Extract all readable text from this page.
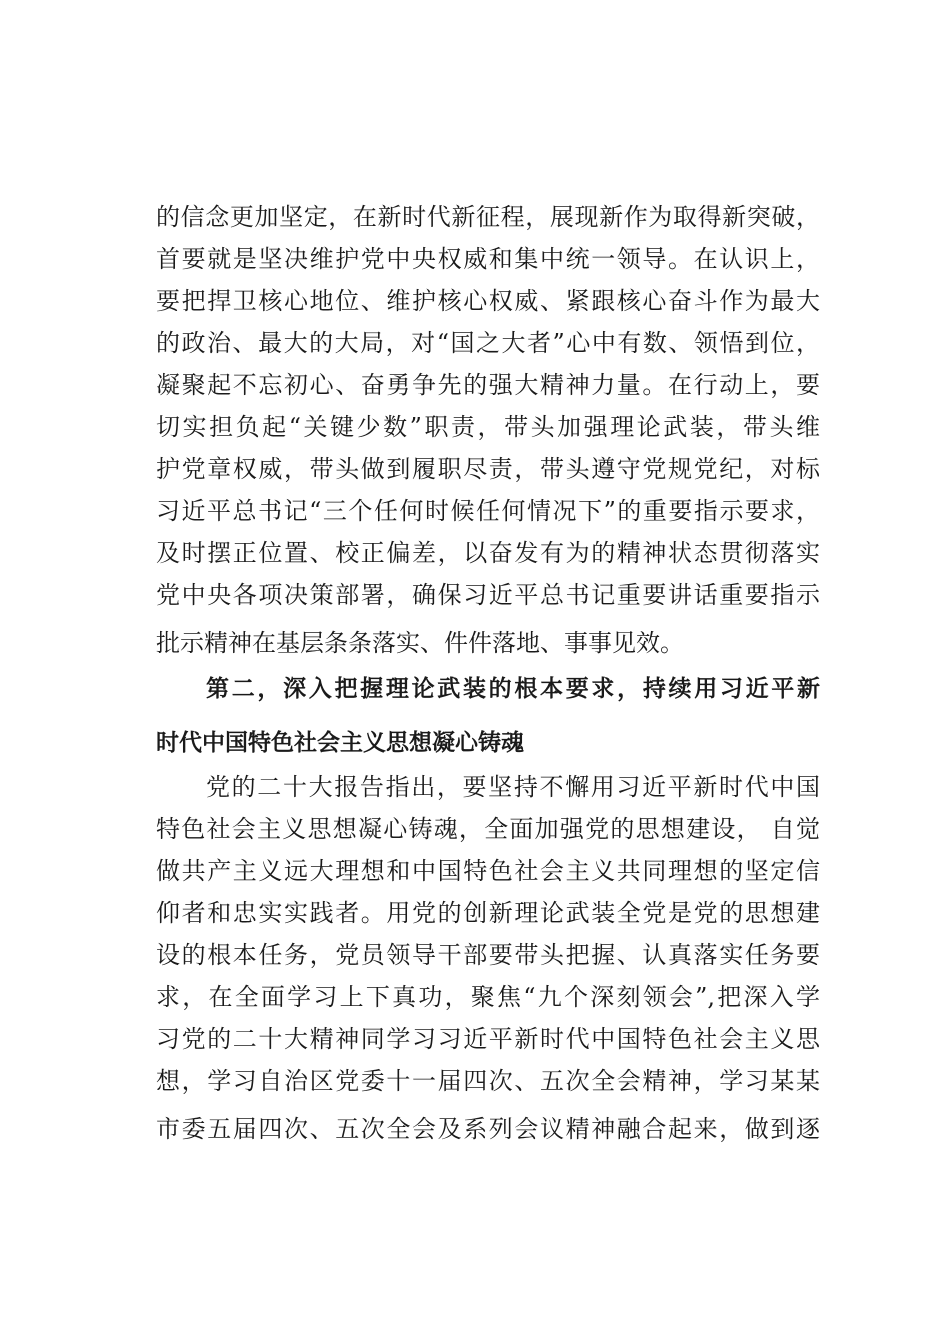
的信念更加坚定，在新时代新征程，展现新作为取得新突破，
首要就是坚决维护党中央权威和集中统一领导。在认识上，
要把捍卫核心地位、维护核心权威、紧跟核心奋斗作为最大
的政治、最大的大局，对“国之大者”心中有数、领悟到位，
凝聚起不忘初心、奋勇争先的强大精神力量。在行动上，要
切实担负起“关键少数”职责，带头加强理论武装，带头维
护党章权威，带头做到履职尽责，带头遵守党规党纪，对标
习近平总书记“三个任何时候任何情况下”的重要指示要求，
及时摆正位置、校正偏差，以奋发有为的精神状态贯彻落实
党中央各项决策部署，确保习近平总书记重要讲话重要指示
批示精神在基层条条落实、件件落地、事事见效。
第二，深入把握理论武装的根本要求，持续用习近平新
时代中国特色社会主义思想凝心铸魂
党的二十大报告指出，要坚持不懈用习近平新时代中国
特色社会主义思想凝心铸魂，全面加强党的思想建设， 自觉
做共产主义远大理想和中国特色社会主义共同理想的坚定信
仰者和忠实实践者。用党的创新理论武装全党是党的思想建
设的根本任务，党员领导干部要带头把握、认真落实任务要
求，在全面学习上下真功，聚焦“九个深刻领会”,把深入学
习党的二十大精神同学习习近平新时代中国特色社会主义思
想，学习自治区党委十一届四次、五次全会精神，学习某某
市委五届四次、五次全会及系列会议精神融合起来，做到逐
